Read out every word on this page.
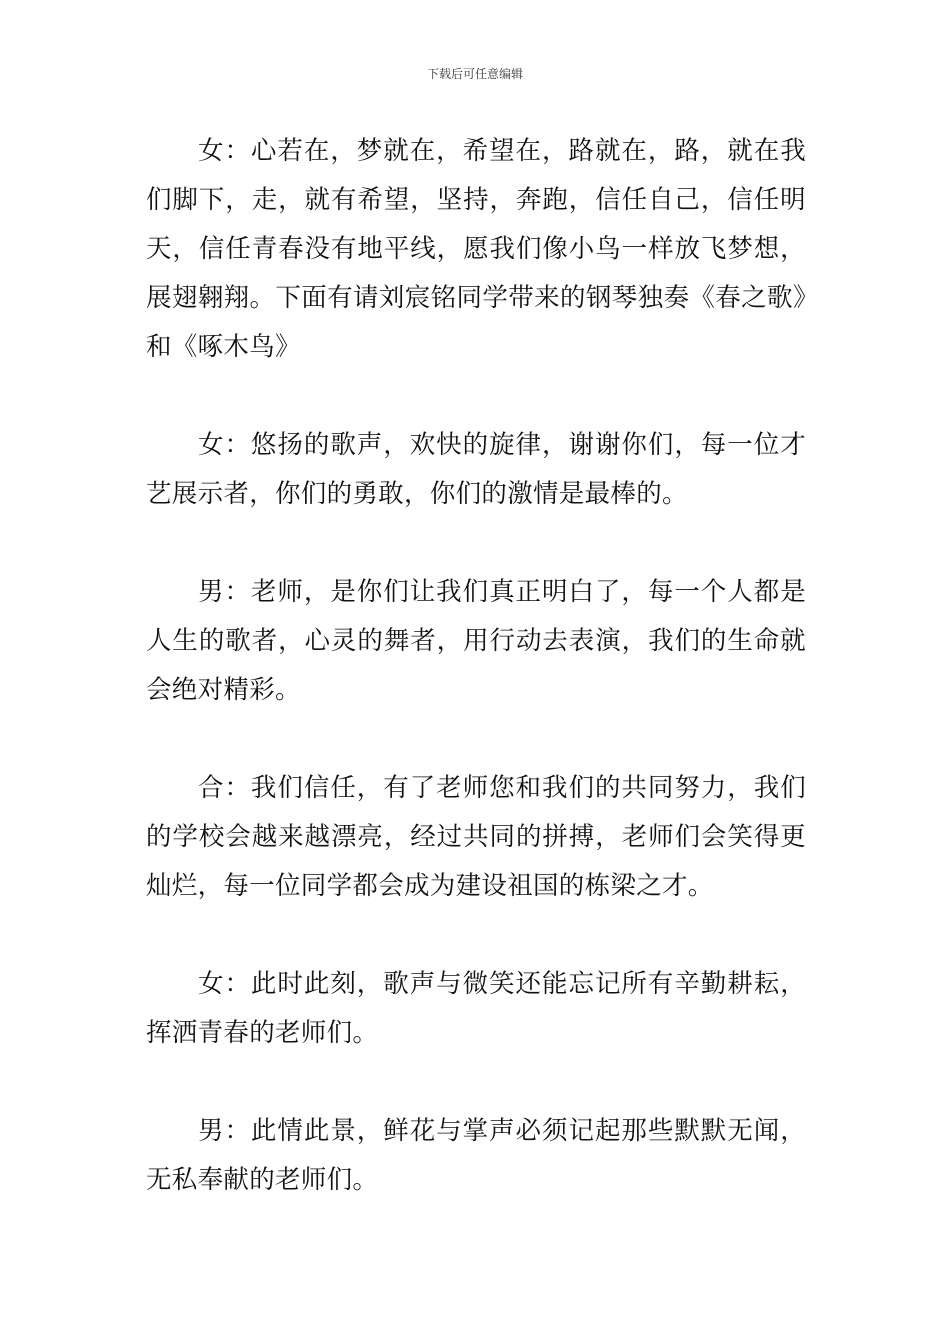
下载后可任意编辑

女：心若在，梦就在，希望在，路就在，路，就在我们脚下，走，就有希望，坚持，奔跑，信任自己，信任明天，信任青春没有地平线，愿我们像小鸟一样放飞梦想，展翅翱翔。下面有请刘宸铭同学带来的钢琴独奏《春之歌》和《啄木鸟》

女：悠扬的歌声，欢快的旋律，谢谢你们，每一位才艺展示者，你们的勇敢，你们的激情是最棒的。

男：老师，是你们让我们真正明白了，每一个人都是人生的歌者，心灵的舞者，用行动去表演，我们的生命就会绝对精彩。

合：我们信任，有了老师您和我们的共同努力，我们的学校会越来越漂亮，经过共同的拼搏，老师们会笑得更灿烂，每一位同学都会成为建设祖国的栋梁之才。

女：此时此刻，歌声与微笑还能忘记所有辛勤耕耘，挥洒青春的老师们。

男：此情此景，鲜花与掌声必须记起那些默默无闻，无私奉献的老师们。
